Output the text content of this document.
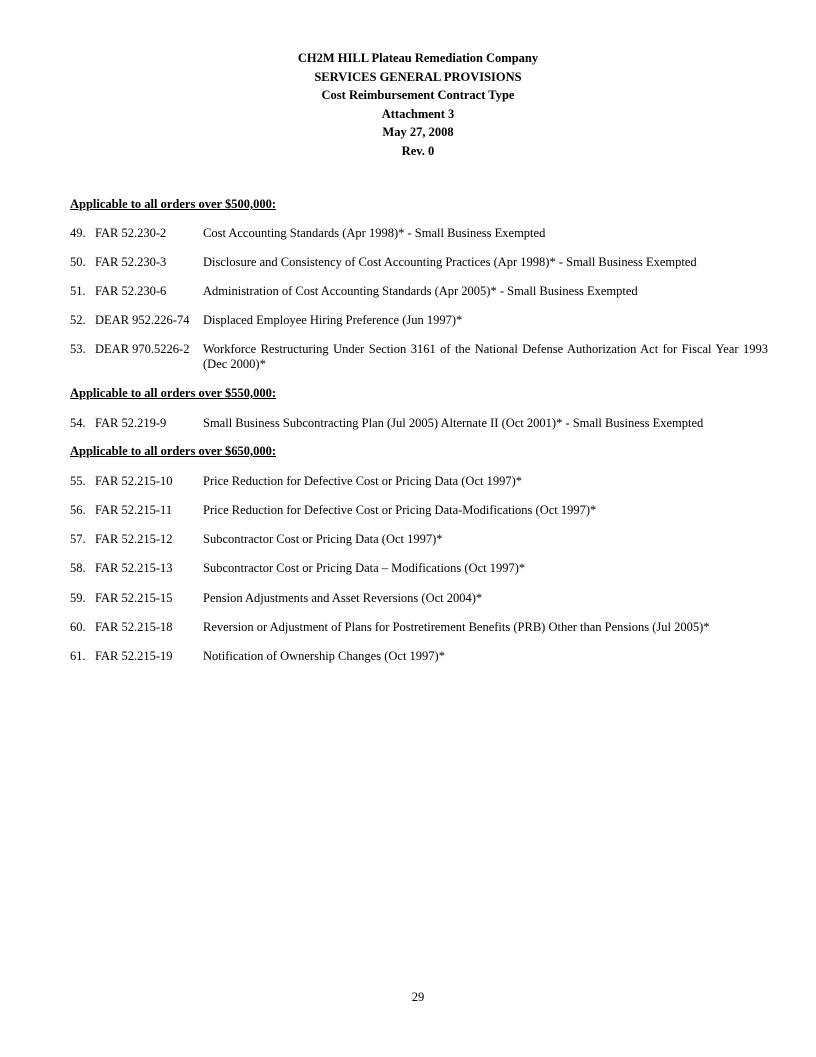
CH2M HILL Plateau Remediation Company
SERVICES GENERAL PROVISIONS
Cost Reimbursement Contract Type
Attachment 3
May 27, 2008
Rev. 0
Applicable to all orders over $500,000:
49. FAR 52.230-2	Cost Accounting Standards (Apr 1998)* - Small Business Exempted
50. FAR 52.230-3	Disclosure and Consistency of Cost Accounting Practices (Apr 1998)* - Small Business Exempted
51. FAR 52.230-6	Administration of Cost Accounting Standards (Apr 2005)* - Small Business Exempted
52. DEAR 952.226-74 Displaced Employee Hiring Preference (Jun 1997)*
53. DEAR 970.5226-2 Workforce Restructuring Under Section 3161 of the National Defense Authorization Act for Fiscal Year 1993 (Dec 2000)*
Applicable to all orders over $550,000:
54. FAR 52.219-9	Small Business Subcontracting Plan (Jul 2005) Alternate II (Oct 2001)* - Small Business Exempted
Applicable to all orders over $650,000:
55. FAR 52.215-10 Price Reduction for Defective Cost or Pricing Data (Oct 1997)*
56. FAR 52.215-11 Price Reduction for Defective Cost or Pricing Data-Modifications (Oct 1997)*
57. FAR 52.215-12 Subcontractor Cost or Pricing Data (Oct 1997)*
58. FAR 52.215-13 Subcontractor Cost or Pricing Data – Modifications (Oct 1997)*
59. FAR 52.215-15 Pension Adjustments and Asset Reversions (Oct 2004)*
60. FAR 52.215-18 Reversion or Adjustment of Plans for Postretirement Benefits (PRB) Other than Pensions (Jul 2005)*
61. FAR 52.215-19 Notification of Ownership Changes (Oct 1997)*
29
